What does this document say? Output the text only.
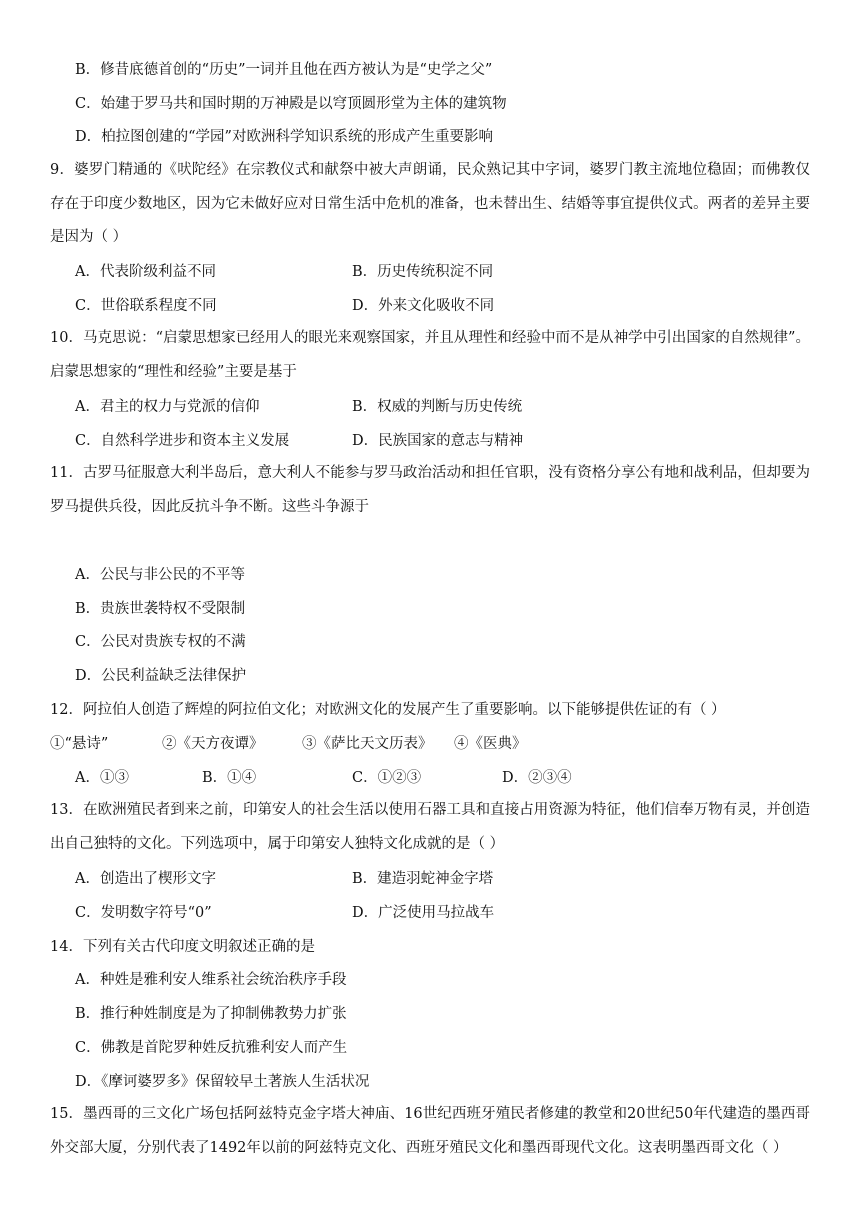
B．修昔底德首创的“历史”一词并且他在西方被认为是“史学之父”
C．始建于罗马共和国时期的万神殿是以穹顶圆形堂为主体的建筑物
D．柏拉图创建的“学园”对欧洲科学知识系统的形成产生重要影响
9．婆罗门精通的《吠陀经》在宗教仪式和献祭中被大声朗诵，民众熟记其中字词，婆罗门教主流地位稳固；而佛教仅存在于印度少数地区，因为它未做好应对日常生活中危机的准备，也未替出生、结婚等事宜提供仪式。两者的差异主要是因为（ ）
A．代表阶级利益不同	B．历史传统积淀不同
C．世俗联系程度不同	D．外来文化吸收不同
10．马克思说：“启蒙思想家已经用人的眼光来观察国家，并且从理性和经验中而不是从神学中引出国家的自然规律”。启蒙思想家的“理性和经验”主要是基于
A．君主的权力与党派的信仰	B．权威的判断与历史传统
C．自然科学进步和资本主义发展	D．民族国家的意志与精神
11．古罗马征服意大利半岛后，意大利人不能参与罗马政治活动和担任官职，没有资格分享公有地和战利品，但却要为罗马提供兵役，因此反抗斗争不断。这些斗争源于
A．公民与非公民的不平等
B．贵族世袭特权不受限制
C．公民对贵族专权的不满
D．公民利益缺乏法律保护
12．阿拉伯人创造了辉煌的阿拉伯文化；对欧洲文化的发展产生了重要影响。以下能够提供佐证的有（ ）
①“悬诗”	②《天方夜谭》	③《萨比天文历表》 ④《医典》
A．①③	B．①④	C．①②③	D．②③④
13．在欧洲殖民者到来之前，印第安人的社会生活以使用石器工具和直接占用资源为特征，他们信奉万物有灵，并创造出自己独特的文化。下列选项中，属于印第安人独特文化成就的是（ ）
A．创造出了楔形文字	B．建造羽蛇神金字塔
C．发明数字符号“0”	D．广泛使用马拉战车
14．下列有关古代印度文明叙述正确的是
A．种姓是雅利安人维系社会统治秩序手段
B．推行种姓制度是为了抑制佛教势力扩张
C．佛教是首陀罗种姓反抗雅利安人而产生
D．《摩诃婆罗多》保留较早土著族人生活状况
15．墨西哥的三文化广场包括阿兹特克金字塔大神庙、16世纪西班牙殖民者修建的教堂和20世纪50年代建造的墨西哥外交部大厦，分别代表了1492年以前的阿兹特克文化、西班牙殖民文化和墨西哥现代文化。这表明墨西哥文化（ ）
